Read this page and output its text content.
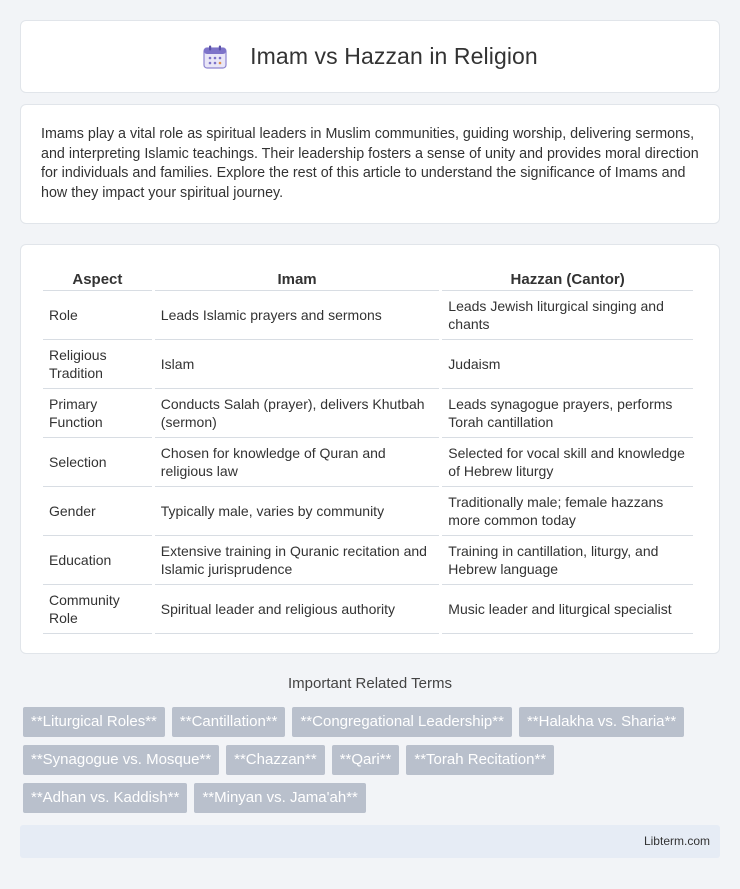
Imam vs Hazzan in Religion

Imams play a vital role as spiritual leaders in Muslim communities, guiding worship, delivering sermons, and interpreting Islamic teachings. Their leadership fosters a sense of unity and provides moral direction for individuals and families. Explore the rest of this article to understand the significance of Imams and how they impact your spiritual journey.

Aspect	Imam	Hazzan (Cantor)
Role	Leads Islamic prayers and sermons	Leads Jewish liturgical singing and chants
Religious Tradition	Islam	Judaism
Primary Function	Conducts Salah (prayer), delivers Khutbah (sermon)	Leads synagogue prayers, performs Torah cantillation
Selection	Chosen for knowledge of Quran and religious law	Selected for vocal skill and knowledge of Hebrew liturgy
Gender	Typically male, varies by community	Traditionally male; female hazzans more common today
Education	Extensive training in Quranic recitation and Islamic jurisprudence	Training in cantillation, liturgy, and Hebrew language
Community Role	Spiritual leader and religious authority	Music leader and liturgical specialist
Important Related Terms
**Liturgical Roles**	**Cantillation**	**Congregational Leadership**	**Halakha vs. Sharia**
**Synagogue vs. Mosque**	**Chazzan**	**Qari**	**Torah Recitation**
**Adhan vs. Kaddish**	**Minyan vs. Jama'ah**
Libterm.com
